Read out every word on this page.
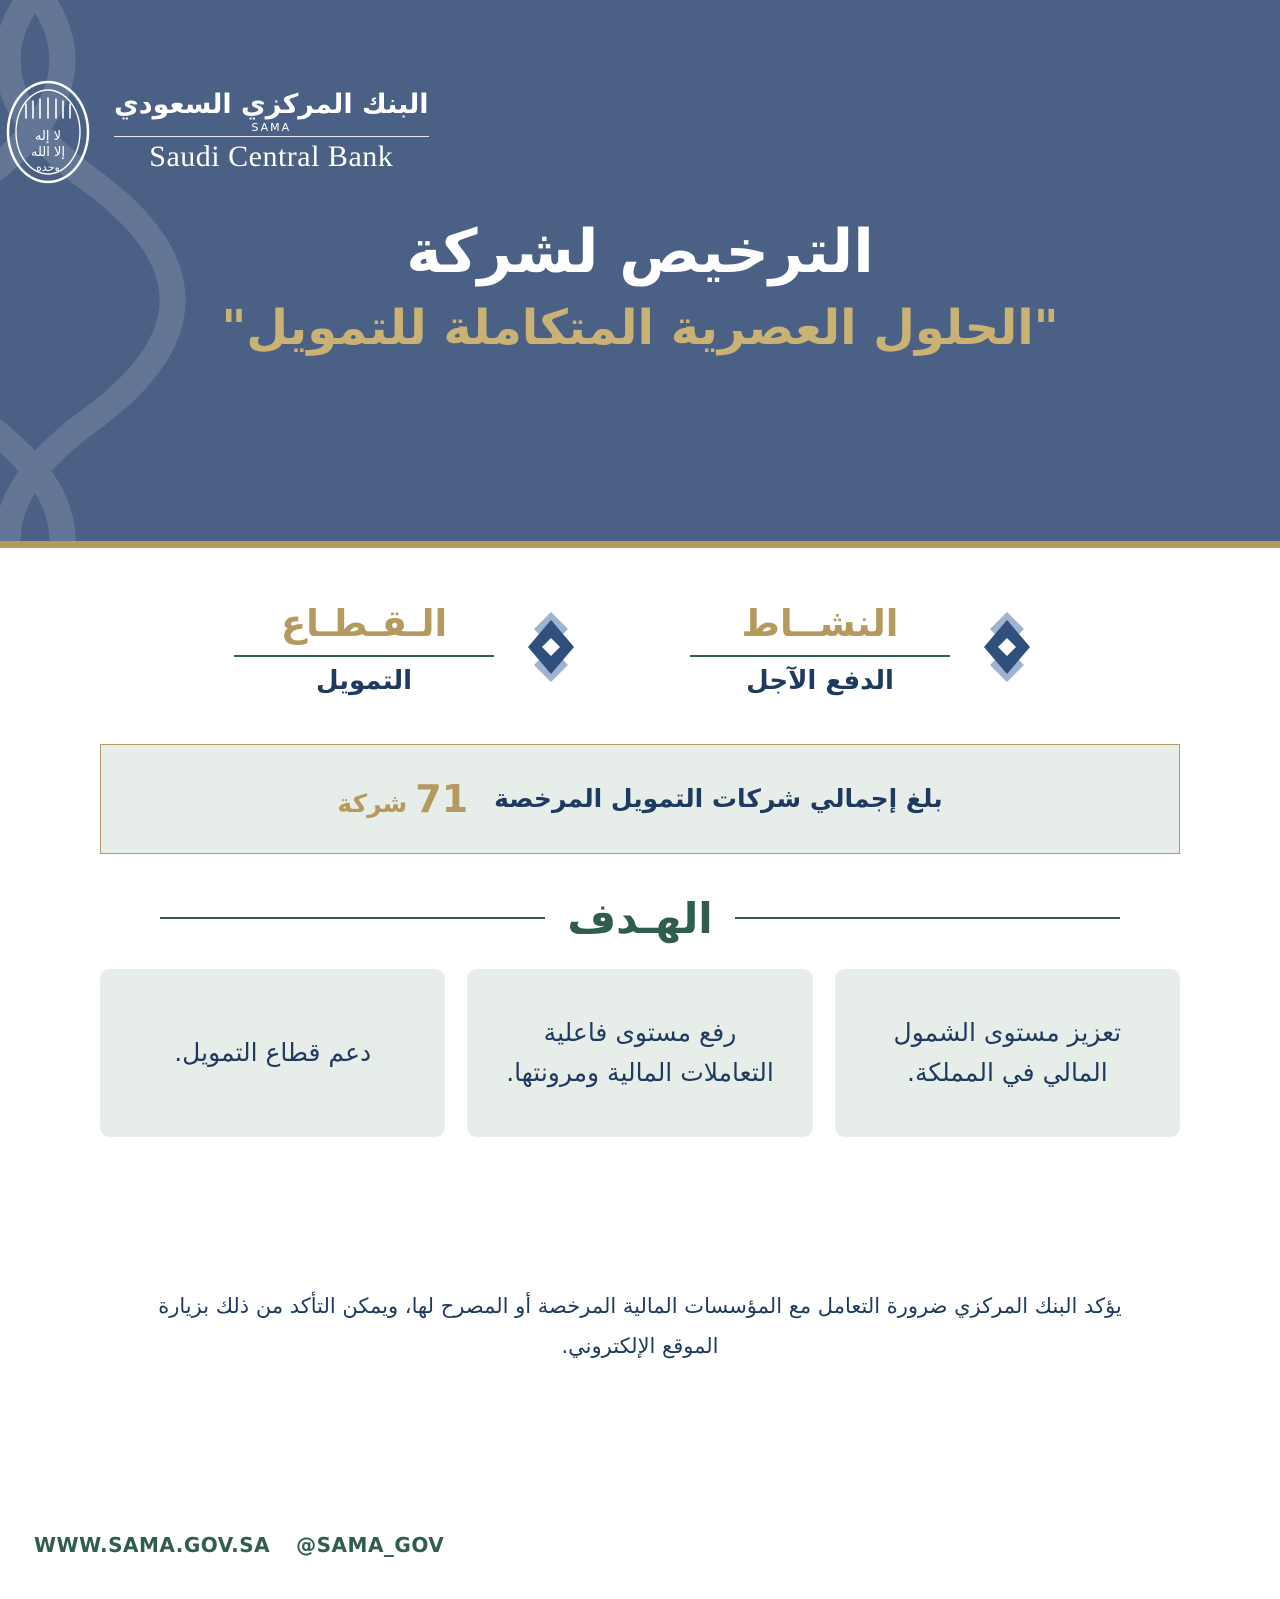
لا إله
إلا الله
وحده
البنك المركزي السعودي
SAMA
Saudi Central Bank
الترخيص لشركة
"الحلول العصرية المتكاملة للتمويل"
النشــاط
الدفع الآجل
الـقـطـاع
التمويل
بلغ إجمالي شركات التمويل المرخصة
71
شركة
الهـدف
تعزيز مستوى الشمول المالي في المملكة.
رفع مستوى فاعلية التعاملات المالية ومرونتها.
دعم قطاع التمويل.
يؤكد البنك المركزي ضرورة التعامل مع المؤسسات المالية المرخصة أو المصرح لها، ويمكن التأكد من ذلك بزيارة الموقع الإلكتروني.
WWW.SAMA.GOV.SA @SAMA_GOV
